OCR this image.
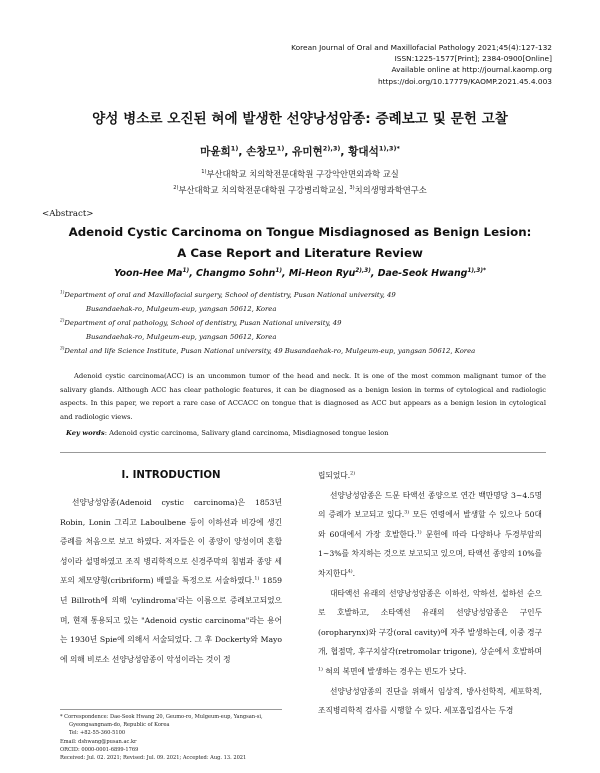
Korean Journal of Oral and Maxillofacial Pathology 2021;45(4):127-132
ISSN:1225-1577[Print]; 2384-0900[Online]
Available online at http://journal.kaomp.org
https://doi.org/10.17779/KAOMP.2021.45.4.003
양성 병소로 오진된 혀에 발생한 선양낭성암종: 증례보고 및 문헌 고찰
마윤희$^{1)}$, 손창모$^{1)}$, 유미현$^{2),3)}$, 황대석$^{1),3)*}$
$^{1)}$부산대학교 치의학전문대학원 구강악안면외과학 교실
$^{2)}$부산대학교 치의학전문대학원 구강병리학교실, $^{3)}$치의생명과학연구소
<Abstract>
Adenoid Cystic Carcinoma on Tongue Misdiagnosed as Benign Lesion:
A Case Report and Literature Review
Yoon-Hee Ma$^{1)}$, Changmo Sohn$^{1)}$, Mi-Heon Ryu$^{2),3)}$, Dae-Seok Hwang$^{1),3)*}$
$^{1)}$Department of oral and Maxillofacial surgery, School of dentistry, Pusan National university, 49
Busandaehak-ro, Mulgeum-eup, yangsan 50612, Korea
$^{2)}$Department of oral pathology, School of dentistry, Pusan National university, 49
Busandaehak-ro, Mulgeum-eup, yangsan 50612, Korea
$^{3)}$Dental and life Science Institute, Pusan National university, 49 Busandaehak-ro, Mulgeum-eup, yangsan 50612, Korea
Adenoid cystic carcinoma(ACC) is an uncommon tumor of the head and neck. It is one of the most common malignant tumor of the salivary glands. Although ACC has clear pathologic features, it can be diagnosed as a benign lesion in terms of cytological and radiologic aspects. In this paper, we report a rare case of ACCACC on tongue that is diagnosed as ACC but appears as a benign lesion in cytological and radiologic views.
Key words: Adenoid cystic carcinoma, Salivary gland carcinoma, Misdiagnosed tongue lesion
Ⅰ. INTRODUCTION

선양낭성암종(Adenoid cystic carcinoma)은 1853년 Robin, Lonin 그리고 Laboulbene 등이 이하선과 비강에 생긴 증례를 처음으로 보고 하였다. 저자들은 이 종양이 양성이며 혼합성이라 설명하였고 조직 병리학적으로 신경주막의 침범과 종양 세포의 체모양형(cribriform) 배열을 특정으로 서술하였다.$^{1)}$ 1859년 Billroth에 의해 'cylindroma'라는 이름으로 증례보고되었으며, 현재 통용되고 있는 "Adenoid cystic carcinoma"라는 용어는 1930년 Spie에 의해서 서술되었다. 그 후 Dockerty와 Mayo에 의해 비로소 선양낭성암종이 악성이라는 것이 정

립되었다.$^{2)}$

선양낭성암종은 드문 타액선 종양으로 연간 백만명당 3~4.5명의 증례가 보고되고 있다.$^{3)}$ 모든 연령에서 발생할 수 있으나 50대와 60대에서 가장 호발한다.$^{1)}$ 문헌에 따라 다양하나 두경부암의 1~3%를 차지하는 것으로 보고되고 있으며, 타액선 종양의 10%를 차지한다$^{4)}$.

대타액선 유래의 선양낭성암종은 이하선, 악하선, 설하선 순으로 호발하고, 소타액선 유래의 선양낭성암종은 구인두(oropharynx)와 구강(oral cavity)에 자주 발생하는데, 이중 경구개, 협점막, 후구치삼각(retromolar trigone), 상순에서 호발하며$^{1)}$ 혀의 복면에 발생하는 경우는 빈도가 낮다.

선양낭성암종의 진단을 위해서 임상적, 방사선학적, 세포학적, 조직병리학적 검사를 시행할 수 있다. 세포흡입검사는 두경

* Correspondence: Dae-Seok Hwang 20, Geumo-ro, Mulgeum-eup, Yangsan-si,
Gyeongsangnam-do, Republic of Korea
Tel: +82-55-360-5100
Email: dshwang@pusan.ac.kr
ORCID: 0000-0001-6899-1769
Received: Jul. 02. 2021; Revised: Jul. 09. 2021; Accepted: Aug. 13. 2021
